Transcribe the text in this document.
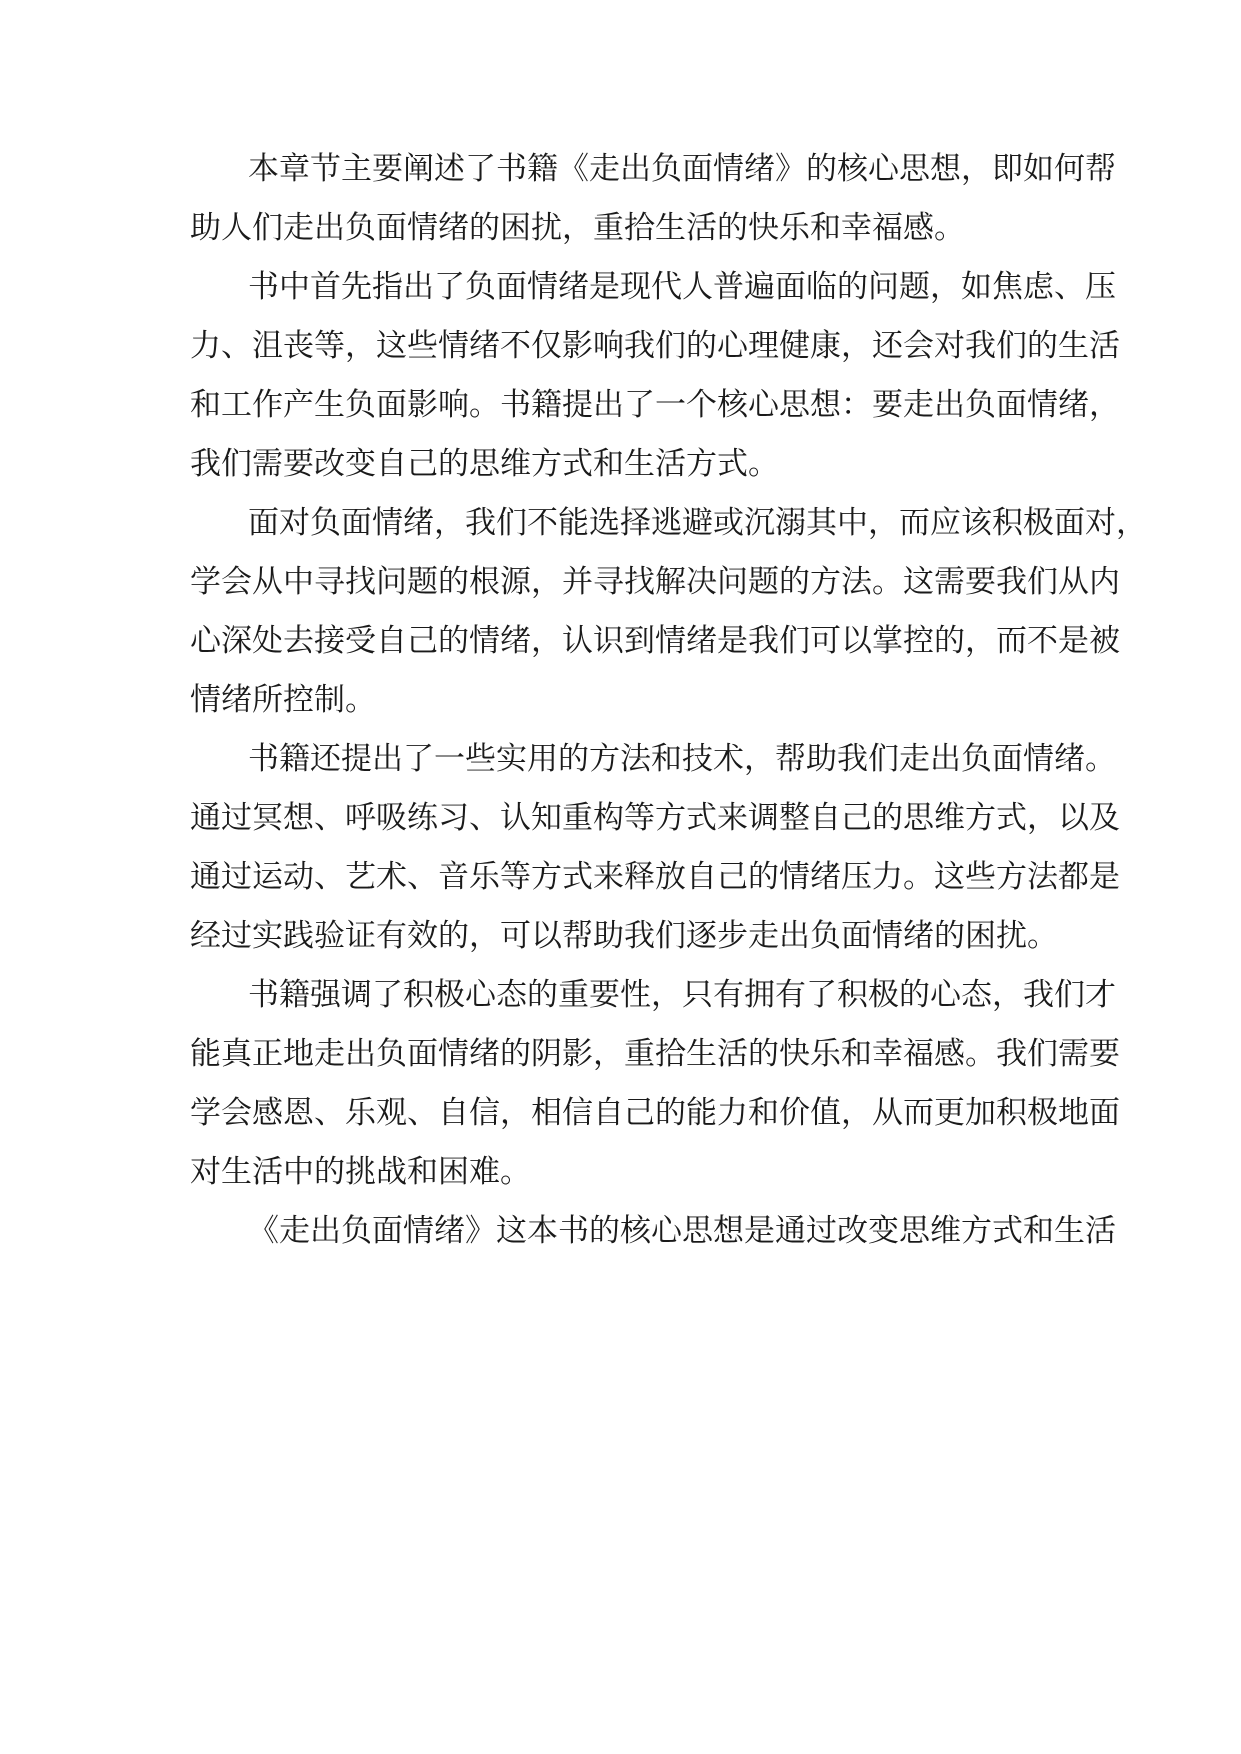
本章节主要阐述了书籍《走出负面情绪》的核心思想，即如何帮
助人们走出负面情绪的困扰，重拾生活的快乐和幸福感。
书中首先指出了负面情绪是现代人普遍面临的问题，如焦虑、压
力、沮丧等，这些情绪不仅影响我们的心理健康，还会对我们的生活
和工作产生负面影响。书籍提出了一个核心思想：要走出负面情绪，
我们需要改变自己的思维方式和生活方式。
面对负面情绪，我们不能选择逃避或沉溺其中，而应该积极面对，
学会从中寻找问题的根源，并寻找解决问题的方法。这需要我们从内
心深处去接受自己的情绪，认识到情绪是我们可以掌控的，而不是被
情绪所控制。
书籍还提出了一些实用的方法和技术，帮助我们走出负面情绪。
通过冥想、呼吸练习、认知重构等方式来调整自己的思维方式，以及
通过运动、艺术、音乐等方式来释放自己的情绪压力。这些方法都是
经过实践验证有效的，可以帮助我们逐步走出负面情绪的困扰。
书籍强调了积极心态的重要性，只有拥有了积极的心态，我们才
能真正地走出负面情绪的阴影，重拾生活的快乐和幸福感。我们需要
学会感恩、乐观、自信，相信自己的能力和价值，从而更加积极地面
对生活中的挑战和困难。
《走出负面情绪》这本书的核心思想是通过改变思维方式和生活
